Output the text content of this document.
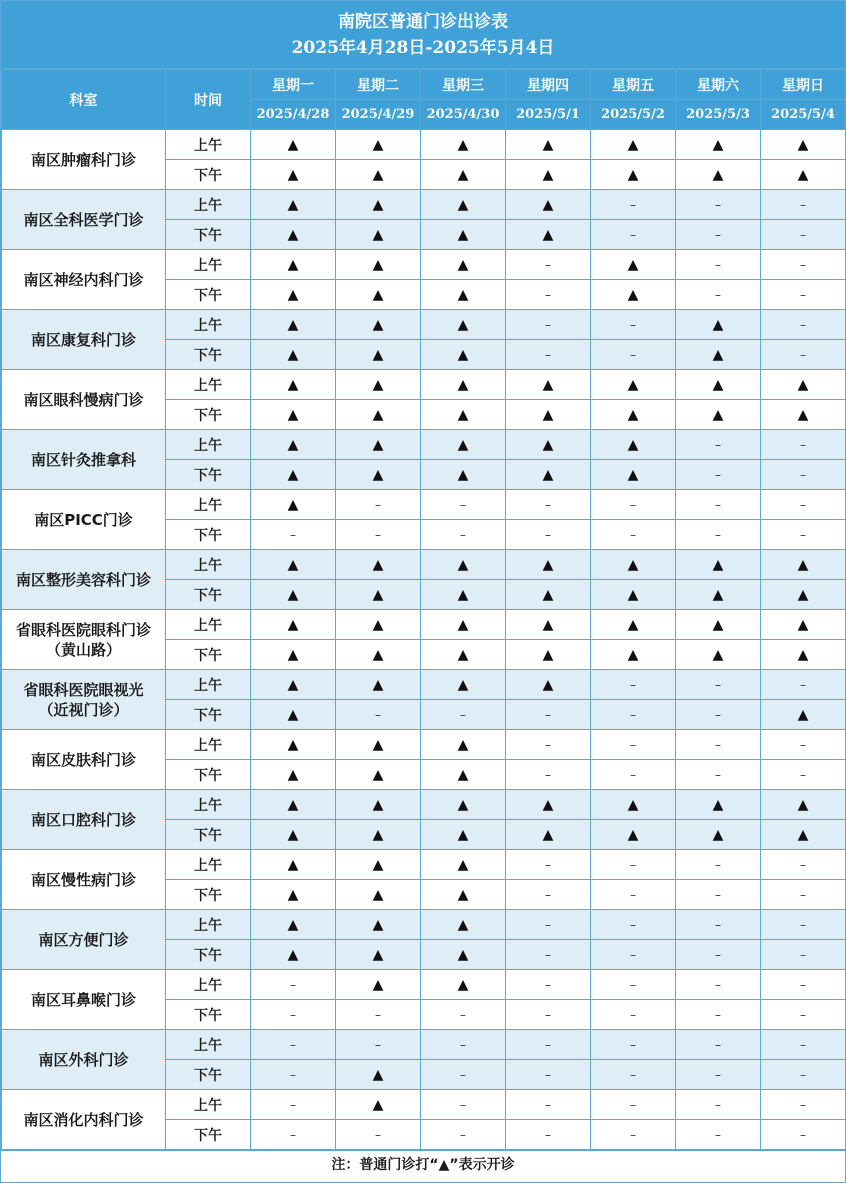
南院区普通门诊出诊表
2025年4月28日-2025年5月4日
科室	时间	星期一	星期二	星期三	星期四	星期五	星期六	星期日
		2025/4/28	2025/4/29	2025/4/30	2025/5/1	2025/5/2	2025/5/3	2025/5/4

南区肿瘤科门诊	上午	▲	▲	▲	▲	▲	▲	▲
	下午	▲	▲	▲	▲	▲	▲	▲

南区全科医学门诊	上午	▲	▲	▲	▲	–	–	–
	下午	▲	▲	▲	▲	–	–	–

南区神经内科门诊	上午	▲	▲	▲	–	▲	–	–
	下午	▲	▲	▲	–	▲	–	–

南区康复科门诊	上午	▲	▲	▲	–	–	▲	–
	下午	▲	▲	▲	–	–	▲	–

南区眼科慢病门诊	上午	▲	▲	▲	▲	▲	▲	▲
	下午	▲	▲	▲	▲	▲	▲	▲

南区针灸推拿科	上午	▲	▲	▲	▲	▲	–	–
	下午	▲	▲	▲	▲	▲	–	–

南区PICC门诊	上午	▲	–	–	–	–	–	–
	下午	–	–	–	–	–	–	–

南区整形美容科门诊	上午	▲	▲	▲	▲	▲	▲	▲
	下午	▲	▲	▲	▲	▲	▲	▲

省眼科医院眼科门诊
（黄山路）	上午	▲	▲	▲	▲	▲	▲	▲
	下午	▲	▲	▲	▲	▲	▲	▲

省眼科医院眼视光
（近视门诊）	上午	▲	▲	▲	▲	–	–	–
	下午	▲	–	–	–	–	–	▲

南区皮肤科门诊	上午	▲	▲	▲	–	–	–	–
	下午	▲	▲	▲	–	–	–	–

南区口腔科门诊	上午	▲	▲	▲	▲	▲	▲	▲
	下午	▲	▲	▲	▲	▲	▲	▲

南区慢性病门诊	上午	▲	▲	▲	–	–	–	–
	下午	▲	▲	▲	–	–	–	–

南区方便门诊	上午	▲	▲	▲	–	–	–	–
	下午	▲	▲	▲	–	–	–	–

南区耳鼻喉门诊	上午	–	▲	▲	–	–	–	–
	下午	–	–	–	–	–	–	–

南区外科门诊	上午	–	–	–	–	–	–	–
	下午	–	▲	–	–	–	–	–

南区消化内科门诊	上午	–	▲	–	–	–	–	–
	下午	–	–	–	–	–	–	–
注：普通门诊打“▲”表示开诊
